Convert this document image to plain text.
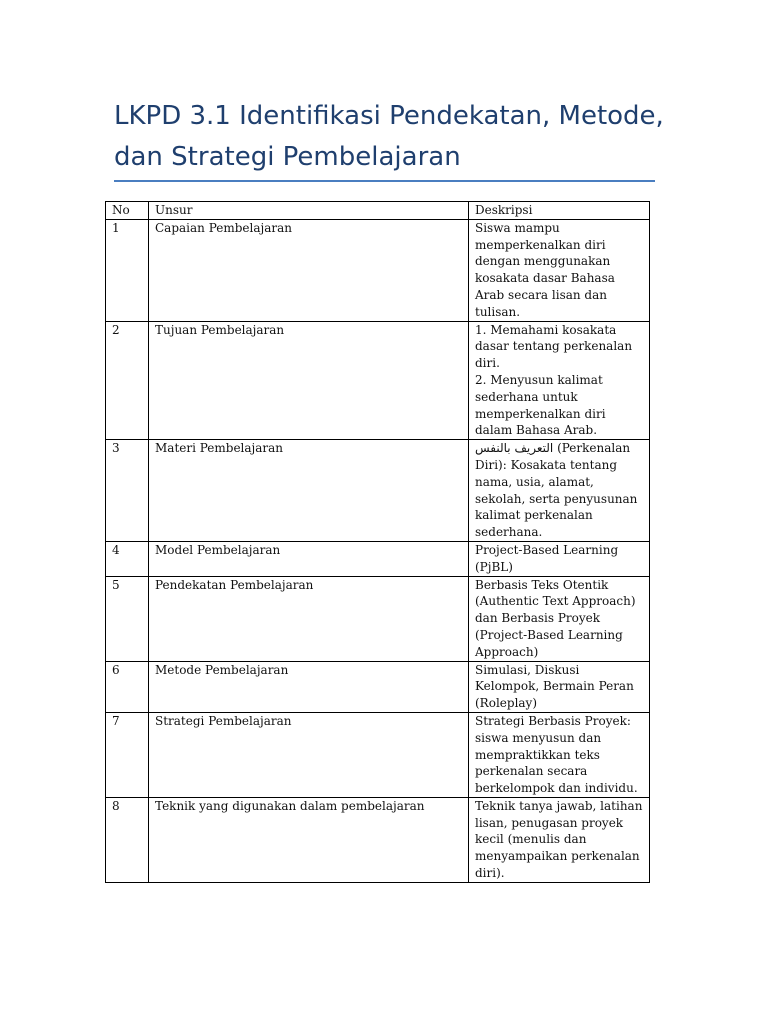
LKPD 3.1 Identifikasi Pendekatan, Metode, dan Strategi Pembelajaran
No	Unsur	Deskripsi
1	Capaian Pembelajaran	Siswa mampu memperkenalkan diri dengan menggunakan kosakata dasar Bahasa Arab secara lisan dan tulisan.
2	Tujuan Pembelajaran	1. Memahami kosakata dasar tentang perkenalan diri.
2. Menyusun kalimat sederhana untuk memperkenalkan diri dalam Bahasa Arab.
3	Materi Pembelajaran	التعريف بالنفس (Perkenalan Diri): Kosakata tentang nama, usia, alamat, sekolah, serta penyusunan kalimat perkenalan sederhana.
4	Model Pembelajaran	Project-Based Learning (PjBL)
5	Pendekatan Pembelajaran	Berbasis Teks Otentik (Authentic Text Approach) dan Berbasis Proyek (Project-Based Learning Approach)
6	Metode Pembelajaran	Simulasi, Diskusi Kelompok, Bermain Peran (Roleplay)
7	Strategi Pembelajaran	Strategi Berbasis Proyek: siswa menyusun dan mempraktikkan teks perkenalan secara berkelompok dan individu.
8	Teknik yang digunakan dalam pembelajaran	Teknik tanya jawab, latihan lisan, penugasan proyek kecil (menulis dan menyampaikan perkenalan diri).
